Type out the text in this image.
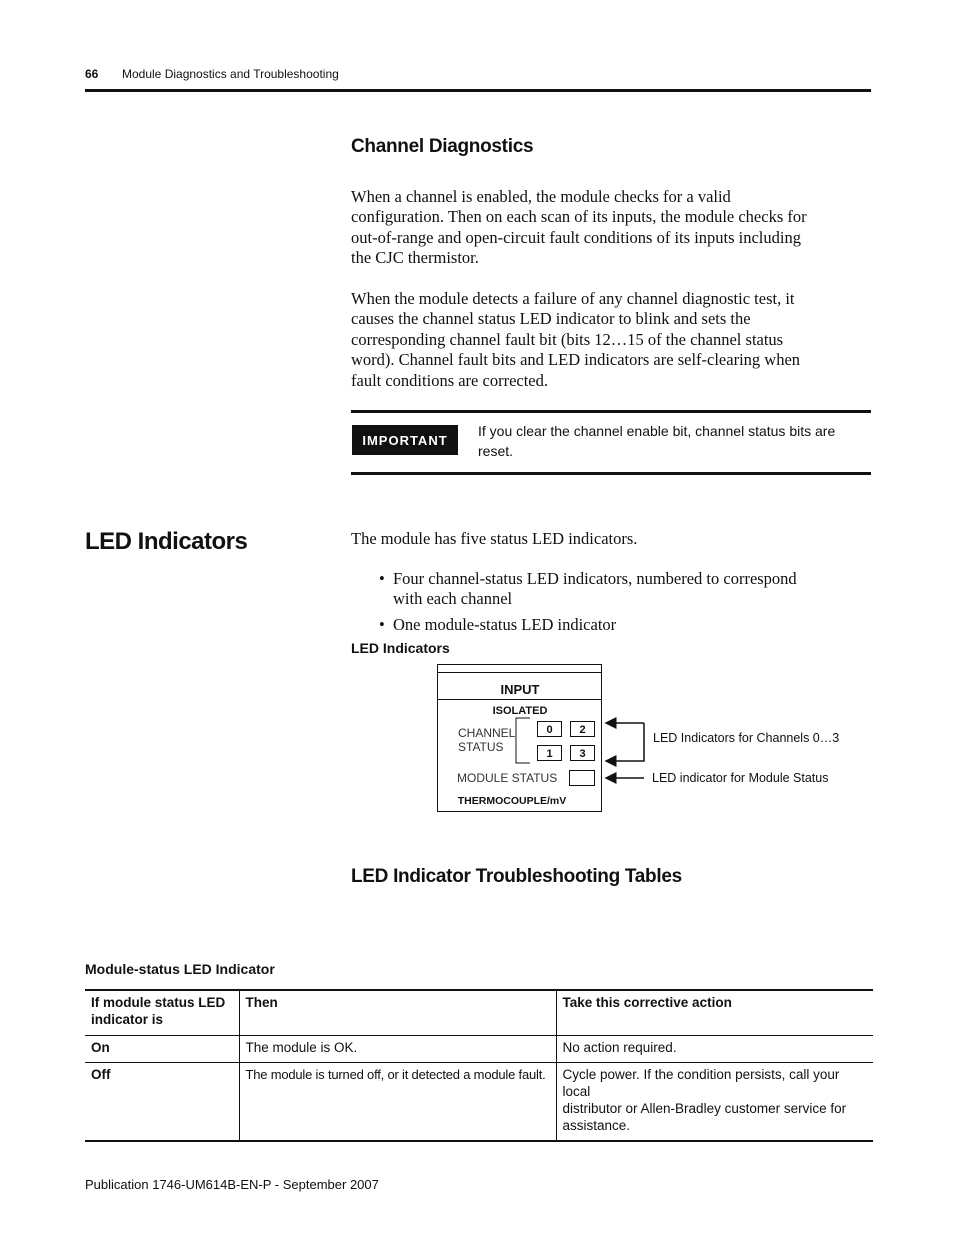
66 Module Diagnostics and Troubleshooting
Channel Diagnostics
When a channel is enabled, the module checks for a valid
configuration. Then on each scan of its inputs, the module checks for
out-of-range and open-circuit fault conditions of its inputs including
the CJC thermistor.
When the module detects a failure of any channel diagnostic test, it
causes the channel status LED indicator to blink and sets the
corresponding channel fault bit (bits 12…15 of the channel status
word). Channel fault bits and LED indicators are self-clearing when
fault conditions are corrected.
IMPORTANT
If you clear the channel enable bit, channel status bits are
reset.
LED Indicators	The module has five status LED indicators.
• Four channel-status LED indicators, numbered to correspond
with each channel
• One module-status LED indicator
LED Indicators
INPUT
ISOLATED
CHANNEL
STATUS
0 2
1 3
MODULE STATUS
THERMOCOUPLE/mV
LED Indicators for Channels 0…3
LED indicator for Module Status
LED Indicator Troubleshooting Tables
Module-status LED Indicator
If module status LED
indicator is	Then	Take this corrective action

On	The module is OK.	No action required.

Off	The module is turned off, or it detected a module fault.	Cycle power. If the condition persists, call your local
distributor or Allen-Bradley customer service for
assistance.
Publication 1746-UM614B-EN-P - September 2007
